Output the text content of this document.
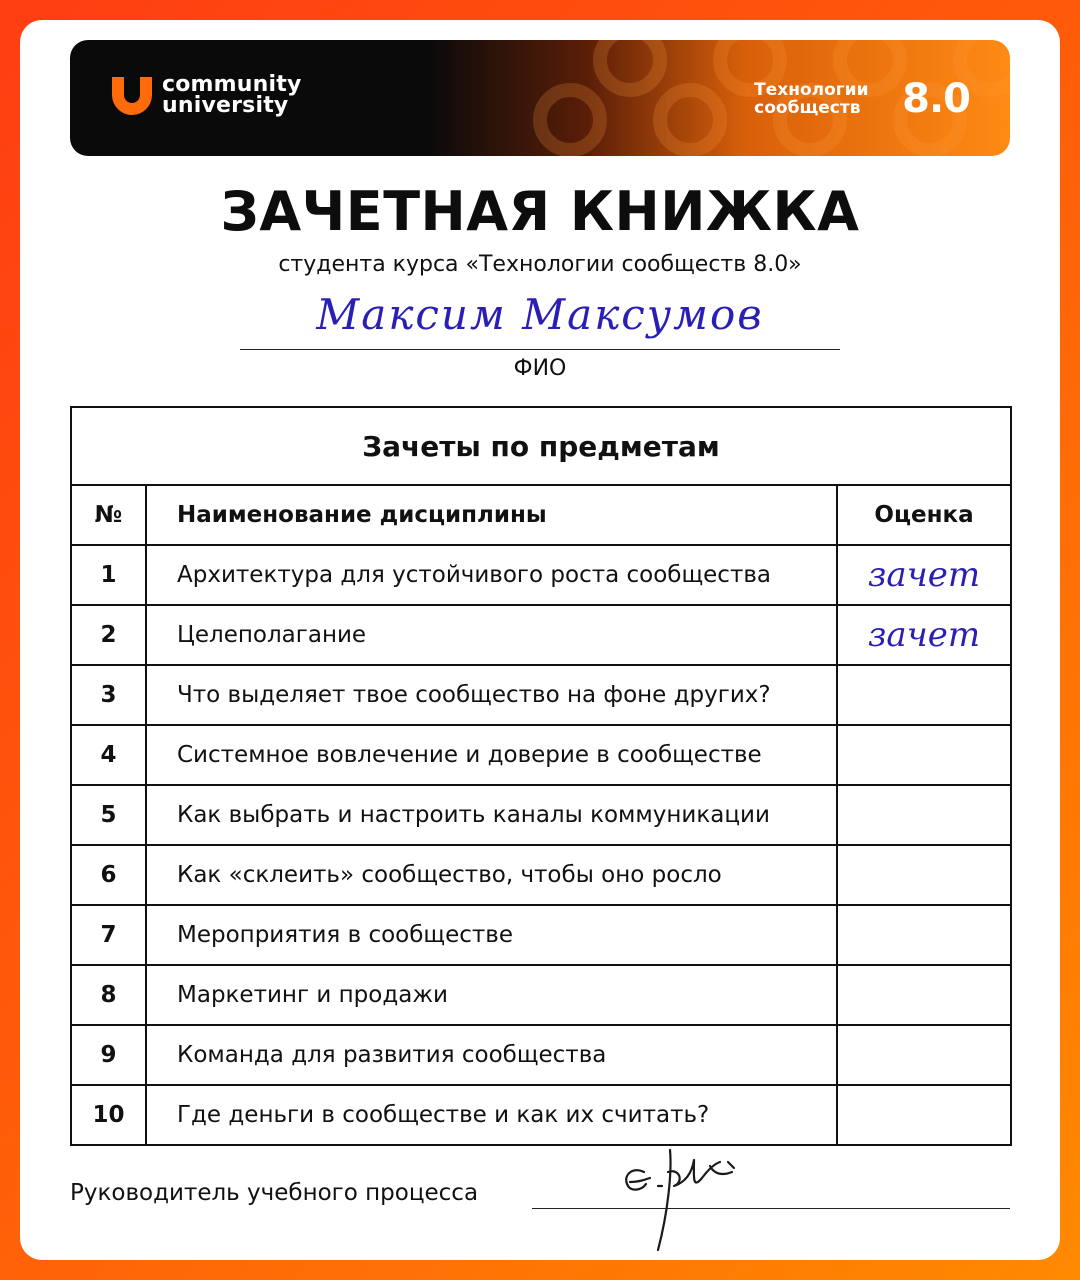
community university
Технологии сообществ	8.0
ЗАЧЕТНАЯ КНИЖКА
студента курса «Технологии сообществ 8.0»
Максим Максумов
ФИО
Зачеты по предметам		
№	Наименование дисциплины	Оценка
1	Архитектура для устойчивого роста сообщества	зачет
2	Целеполагание	зачет
3	Что выделяет твое сообщество на фоне других?	
4	Системное вовлечение и доверие в сообществе	
5	Как выбрать и настроить каналы коммуникации	
6	Как «склеить» сообщество, чтобы оно росло	
7	Мероприятия в сообществе	
8	Маркетинг и продажи	
9	Команда для развития сообщества	
10	Где деньги в сообществе и как их считать?	
Руководитель учебного процесса
